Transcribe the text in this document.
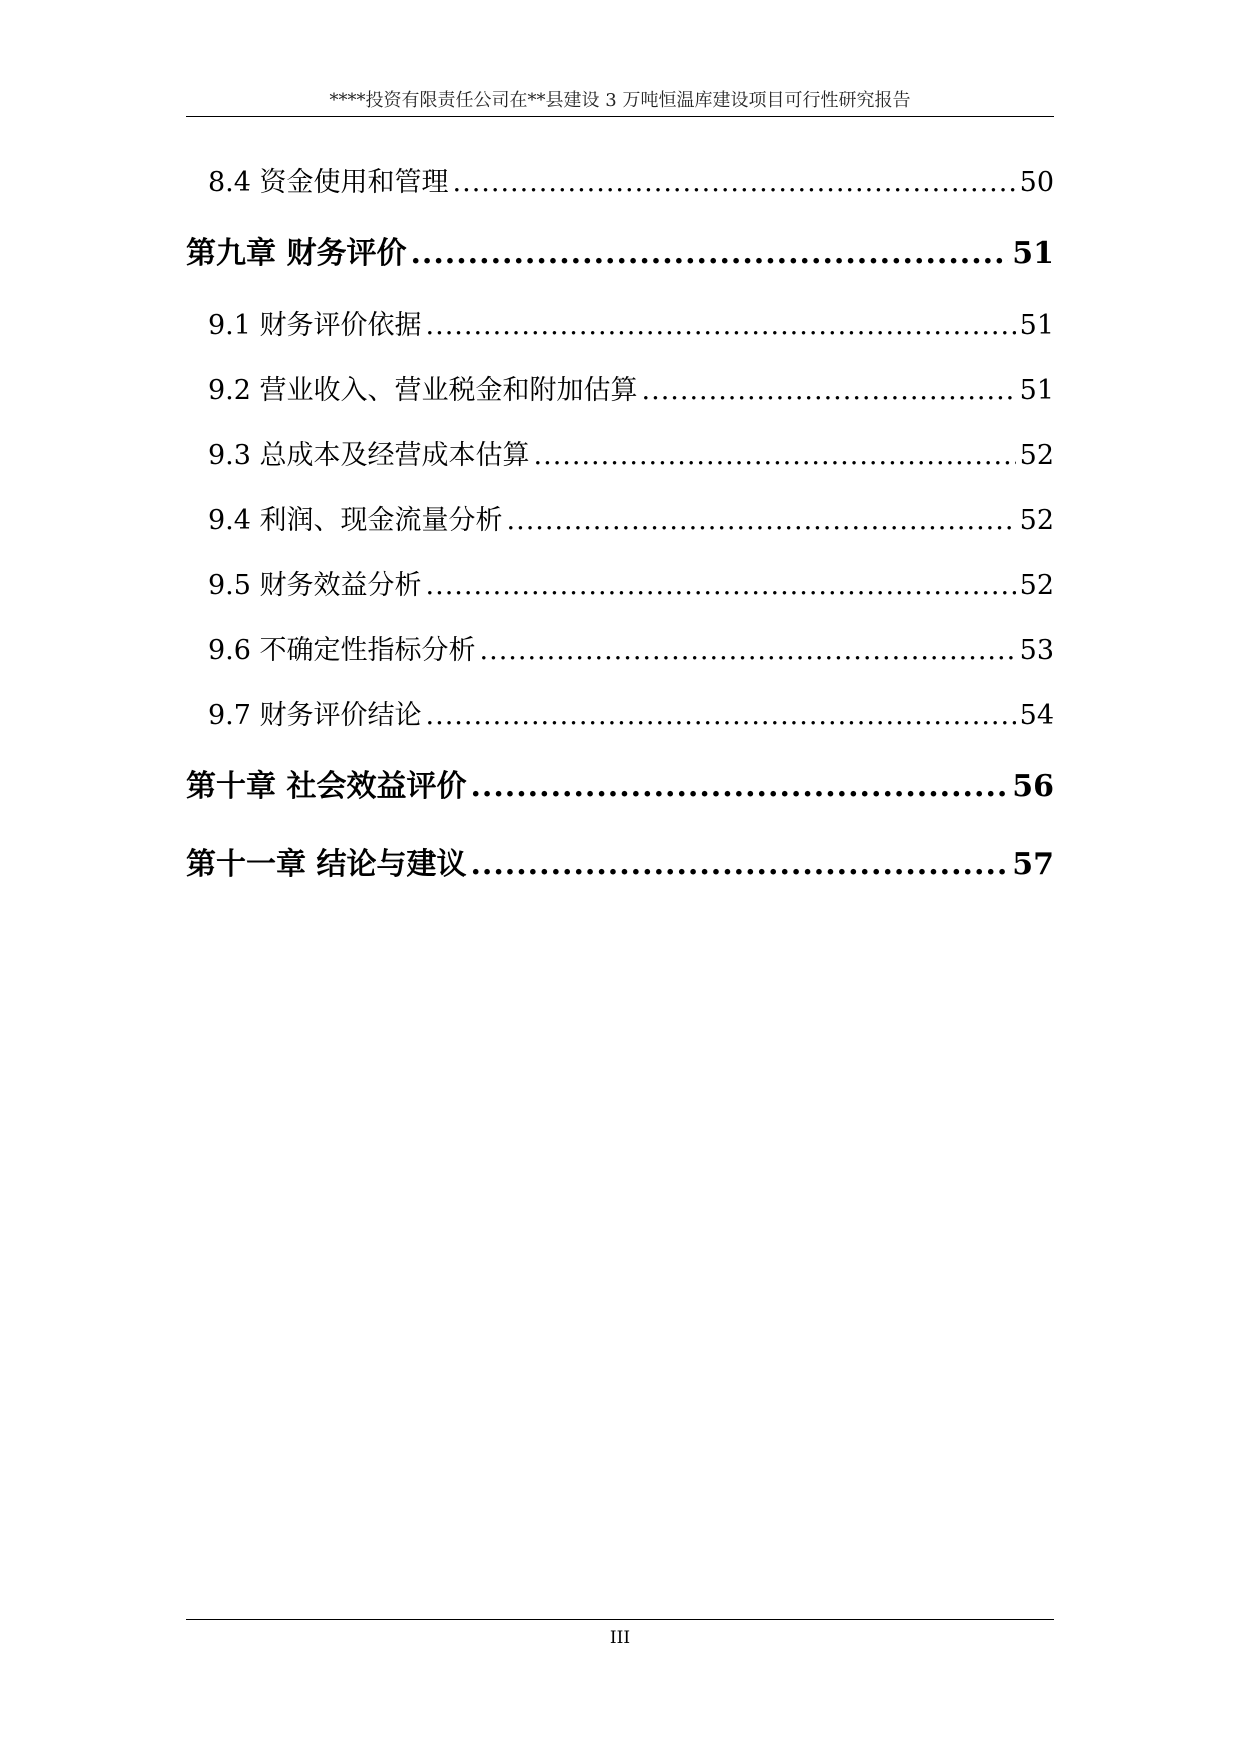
****投资有限责任公司在**县建设 3 万吨恒温库建设项目可行性研究报告
8.4 资金使用和管理 .....	50
第九章 财务评价 .....	51
9.1 财务评价依据 .....	51
9.2 营业收入、营业税金和附加估算 .....	51
9.3 总成本及经营成本估算 .....	52
9.4 利润、现金流量分析 .....	52
9.5 财务效益分析 .....	52
9.6 不确定性指标分析 .....	53
9.7 财务评价结论 .....	54
第十章 社会效益评价 .....	56
第十一章 结论与建议 .....	57
III
